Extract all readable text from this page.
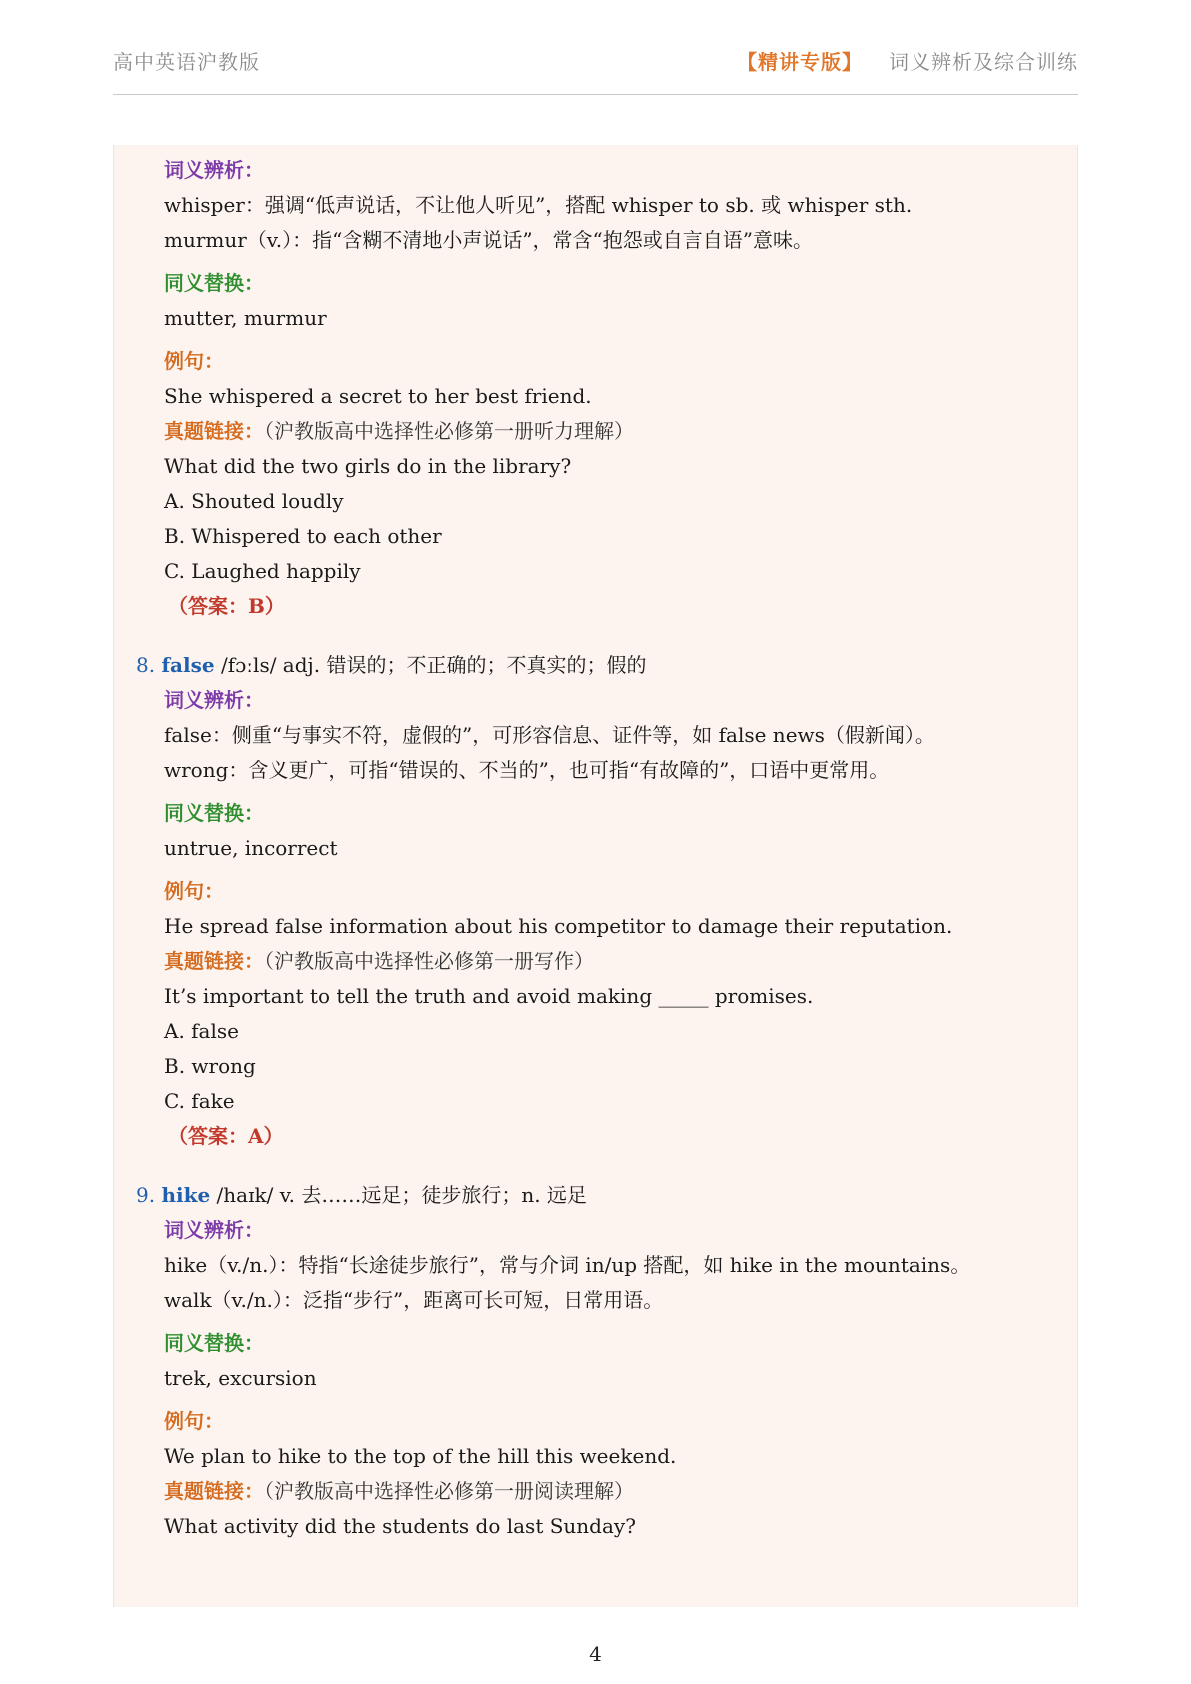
高中英语沪教版	【精讲专版】 词义辨析及综合训练
词义辨析：
whisper：强调“低声说话，不让他人听见”，搭配 whisper to sb. 或 whisper sth.
murmur（v.）：指“含糊不清地小声说话”，常含“抱怨或自言自语”意味。
同义替换：
mutter, murmur
例句：
She whispered a secret to her best friend.
真题链接：（沪教版高中选择性必修第一册听力理解）
What did the two girls do in the library?
A. Shouted loudly
B. Whispered to each other
C. Laughed happily
（答案：B）
8. false /fɔːls/ adj. 错误的；不正确的；不真实的；假的
词义辨析：
false：侧重“与事实不符，虚假的”，可形容信息、证件等，如 false news（假新闻）。
wrong：含义更广，可指“错误的、不当的”，也可指“有故障的”，口语中更常用。
同义替换：
untrue, incorrect
例句：
He spread false information about his competitor to damage their reputation.
真题链接：（沪教版高中选择性必修第一册写作）
It’s important to tell the truth and avoid making _____ promises.
A. false
B. wrong
C. fake
（答案：A）
9. hike /haɪk/ v. 去……远足；徒步旅行；n. 远足
词义辨析：
hike（v./n.）：特指“长途徒步旅行”，常与介词 in/up 搭配，如 hike in the mountains。
walk（v./n.）：泛指“步行”，距离可长可短，日常用语。
同义替换：
trek, excursion
例句：
We plan to hike to the top of the hill this weekend.
真题链接：（沪教版高中选择性必修第一册阅读理解）
What activity did the students do last Sunday?
4
